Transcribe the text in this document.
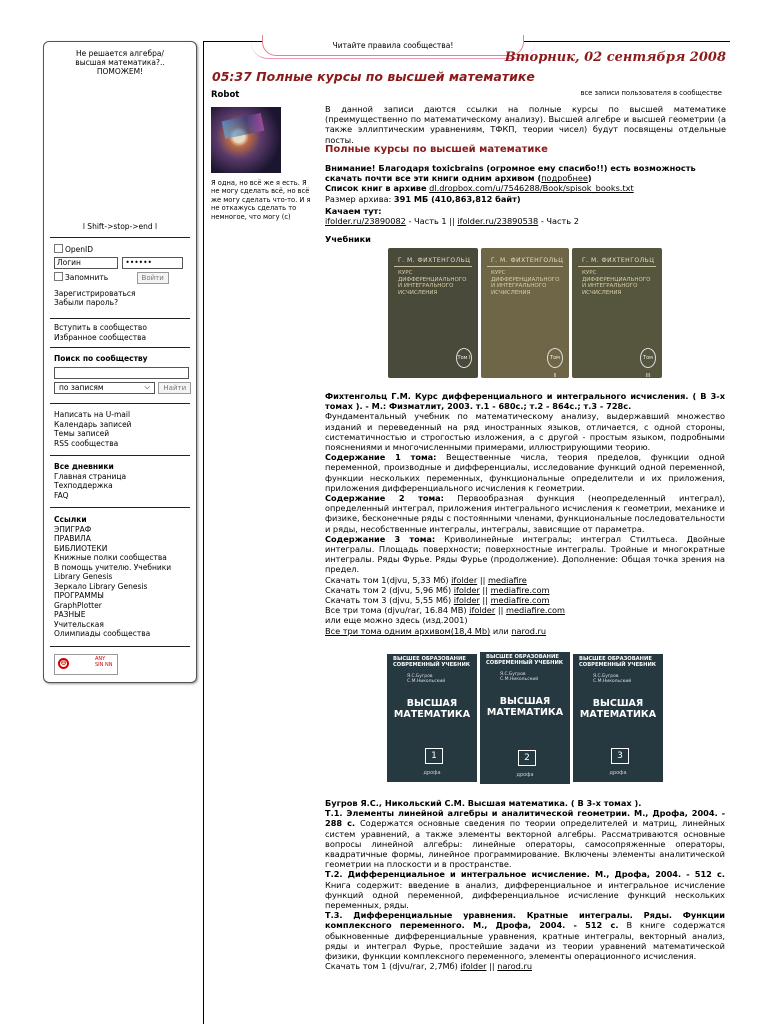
Не решается алгебра/высшая математика?.. ПОМОЖЕМ!
l Shift->stop->end l
OpenID
Логин
Запомнить	Войти
Зарегистрироваться
Забыли пароль?
Вступить в сообщество
Избранное сообщества
Поиск по сообществу
по записям	⌵ Найти
Написать на U-mail
Календарь записей
Темы записей
RSS сообщества
Все дневники
Главная страница
Техподдержка
FAQ
Ссылки
ЭПИГРАФ
ПРАВИЛА
БИБЛИОТЕКИ
Книжные полки сообщества
В помощь учителю. Учебники
Library Genesis
Зеркало Library Genesis
ПРОГРАММЫ
GraphPlotter
РАЗНЫЕ
Учительская
Олимпиады сообщества
⊖	ANY SIN NN
Читайте правила сообщества!
Вторник, 02 сентября 2008
05:37 Полные курсы по высшей математике
Robot	все записи пользователя в сообществе
Я одна, но всё же я есть. Я не могу сделать всё, но всё же могу сделать что-то. И я не откажусь сделать то немногое, что могу (с)

В данной записи даются ссылки на полные курсы по высшей математике (преимущественно по математическому анализу). Высшей алгебре и высшей геометрии (а также эллиптическим уравнениям, ТФКП, теории чисел) будут посвящены отдельные посты.

Полные курсы по высшей математике

Внимание! Благодаря toxicbrains (огромное ему спасибо!!) есть возможность скачать почти все эти книги одним архивом (подробнее)

Список книг в архиве dl.dropbox.com/u/7546288/Book/spisok_books.txt

Размер архива: 391 МБ (410,863,812 байт)

Качаем тут:

ifolder.ru/23890082 - Часть 1 || ifolder.ru/23890538 - Часть 2

Учебники

Г. М. ФИХТЕНГОЛЬЦ
КУРС ДИФФЕРЕНЦИАЛЬНОГО И ИНТЕГРАЛЬНОГО ИСЧИСЛЕНИЯ
Том I
Г. М. ФИХТЕНГОЛЬЦ
КУРС ДИФФЕРЕНЦИАЛЬНОГО И ИНТЕГРАЛЬНОГО ИСЧИСЛЕНИЯ
Том II
Г. М. ФИХТЕНГОЛЬЦ
КУРС ДИФФЕРЕНЦИАЛЬНОГО И ИНТЕГРАЛЬНОГО ИСЧИСЛЕНИЯ
Том III

Фихтенгольц Г.М. Курс дифференциального и интегрального исчисления. ( В 3-х томах ). - М.: Физматлит, 2003. т.1 - 680с.; т.2 - 864с.; т.3 - 728с.

Фундаментальный учебник по математическому анализу, выдержавший множество изданий и переведенный на ряд иностранных языков, отличается, с одной стороны, систематичностью и строгостью изложения, а с другой - простым языком, подробными пояснениями и многочисленными примерами, иллюстрирующими теорию.

Содержание 1 тома: Вещественные числа, теория пределов, функции одной переменной, производные и дифференциалы, исследование функций одной переменной, функции нескольких переменных, функциональные определители и их приложения, приложения дифференциального исчисления к геометрии.

Содержание 2 тома: Первообразная функция (неопределенный интеграл), определенный интеграл, приложения интегрального исчисления к геометрии, механике и физике, бесконечные ряды с постоянными членами, функциональные последовательности и ряды, несобственные интегралы, интегралы, зависящие от параметра.

Содержание 3 тома: Криволинейные интегралы; интеграл Стилтьеса. Двойные интегралы. Площадь поверхности; поверхностные интегралы. Тройные и многократные интегралы. Ряды Фурье. Ряды Фурье (продолжение). Дополнение: Общая точка зрения на предел.

Скачать том 1(djvu, 5,33 Мб) ifolder || mediafire

Скачать том 2 (djvu, 5,96 Мб) ifolder || mediafire.com

Скачать том 3 (djvu, 5,55 Мб) ifolder || mediafire.com

Все три тома (djvu/rar, 16.84 MB) ifolder || mediafire.com

или еще можно здесь (изд.2001)

Все три тома одним архивом(18,4 Mb) или narod.ru

ВЫСШЕЕ ОБРАЗОВАНИЕ
СОВРЕМЕННЫЙ УЧЕБНИК
Я.С.Бугров
С.М.Никольский
ВЫСШАЯ
МАТЕМАТИКА
1
дрофа
ВЫСШЕЕ ОБРАЗОВАНИЕ
СОВРЕМЕННЫЙ УЧЕБНИК
Я.С.Бугров
С.М.Никольский
ВЫСШАЯ
МАТЕМАТИКА
2
дрофа
ВЫСШЕЕ ОБРАЗОВАНИЕ
СОВРЕМЕННЫЙ УЧЕБНИК
Я.С.Бугров
С.М.Никольский
ВЫСШАЯ
МАТЕМАТИКА
3
дрофа

Бугров Я.С., Никольский С.М. Высшая математика. ( В 3-х томах ).

Т.1. Элементы линейной алгебры и аналитической геометрии. М., Дрофа, 2004. - 288 с. Содержатся основные сведения по теории определителей и матриц, линейных систем уравнений, а также элементы векторной алгебры. Рассматриваются основные вопросы линейной алгебры: линейные операторы, самосопряженные операторы, квадратичные формы, линейное программирование. Включены элементы аналитической геометрии на плоскости и в пространстве.

Т.2. Дифференциальное и интегральное исчисление. М., Дрофа, 2004. - 512 с. Книга содержит: введение в анализ, дифференциальное и интегральное исчисление функций одной переменной, дифференциальное исчисление функций нескольких переменных, ряды.

Т.3. Дифференциальные уравнения. Кратные интегралы. Ряды. Функции комплексного переменного. М., Дрофа, 2004. - 512 с. В книге содержатся обыкновенные дифференциальные уравнения, кратные интегралы, векторный анализ, ряды и интеграл Фурье, простейшие задачи из теории уравнений математической физики, функции комплексного переменного, элементы операционного исчисления.

Скачать том 1 (djvu/rar, 2,7Мб) ifolder || narod.ru
